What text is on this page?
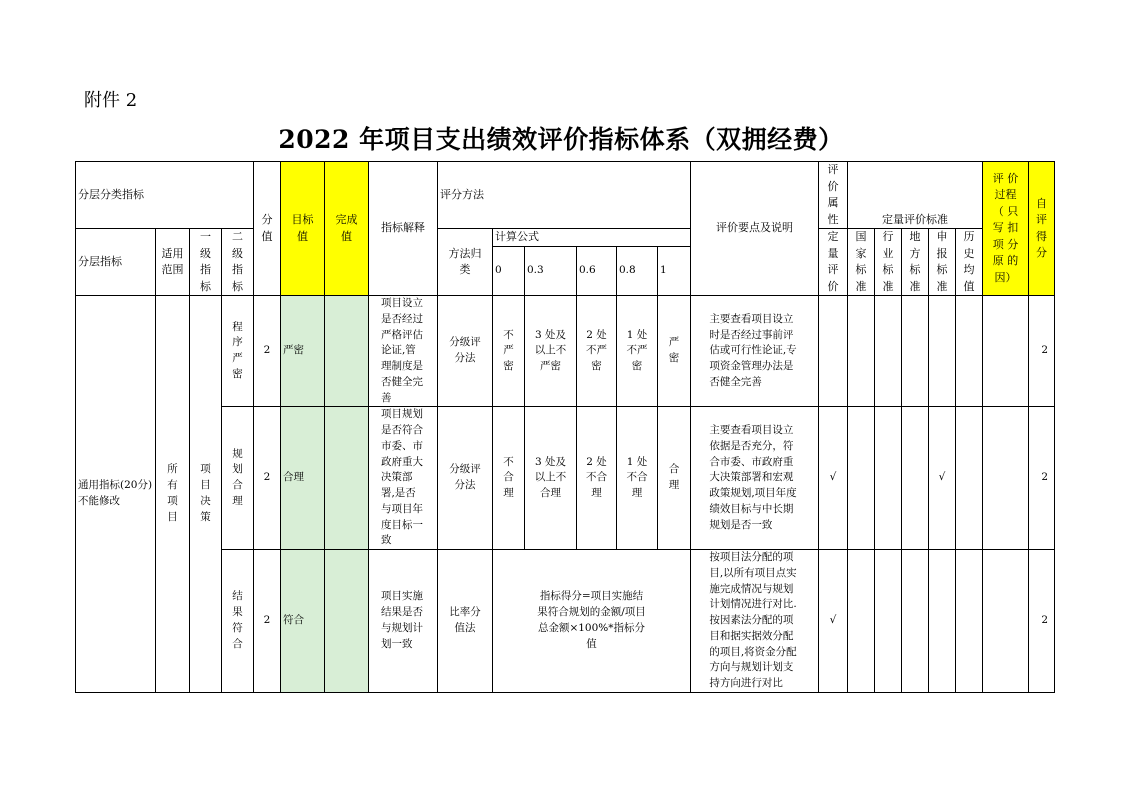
附件 2
2022 年项目支出绩效评价指标体系（双拥经费）
分层分类指标				分值	目标值	完成值	指标解释	评分方法						评价要点及说明	评价属性	定量评价标准					评 价 过程 （ 只 写 扣 项 分 原 的因）	自评得分

分层指标	适用范围	一级指标	二级指标					方法归类	计算公式						定量评价	国家标准	行业标准	地方标准	申报标准	历史均值		

									0	0.3	0.6	0.8	1									
通用指标(20分)不能修改	所有项目	项目决策	程序严密	2	严密		项目设立是否经过严格评估论证,管理制度是否健全完善	分级评分法	不严密	3 处及以上不严密	2 处不严密	1 处不严密	严密	主要查看项目设立时是否经过事前评估或可行性论证,专项资金管理办法是否健全完善								2

			规划合理	2	合理		项目规划是否符合市委、市政府重大决策部署,是否与项目年度目标一致	分级评分法	不合理	3 处及以上不合理	2 处不合理	1 处不合理	合理	主要查看项目设立依据是否充分，符合市委、市政府重大决策部署和宏观政策规划,项目年度绩效目标与中长期规划是否一致	√				√			2

			结果符合	2	符合		项目实施结果是否与规划计划一致	比率分值法	指标得分=项目实施结果符合规划的金额/项目总金额×100%*指标分值					按项目法分配的项目,以所有项目点实施完成情况与规划计划情况进行对比.按因素法分配的项目和据实据效分配的项目,将资金分配方向与规划计划支持方向进行对比	√							2
